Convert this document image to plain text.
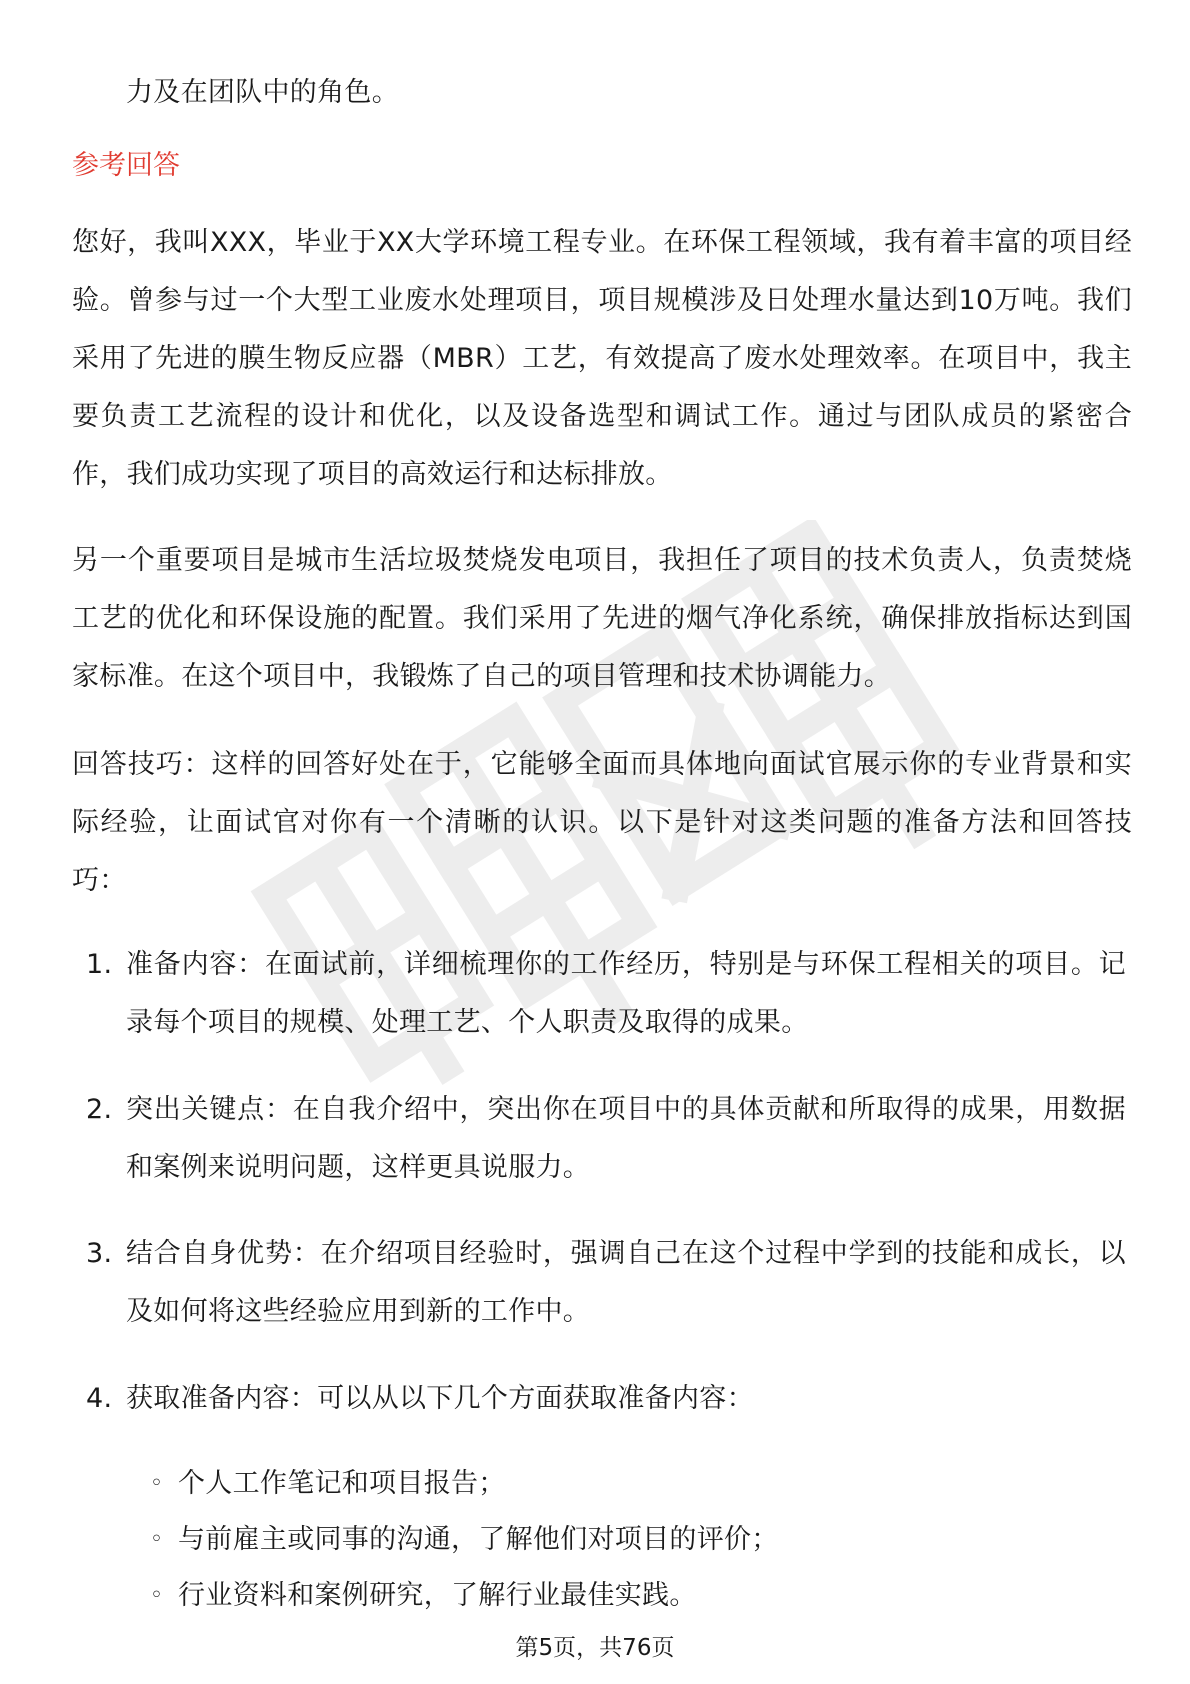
力及在团队中的角色。
参考回答

您好，我叫XXX，毕业于XX大学环境工程专业。在环保工程领域，我有着丰富的项目经验。曾参与过一个大型工业废水处理项目，项目规模涉及日处理水量达到10万吨。我们采用了先进的膜生物反应器（MBR）工艺，有效提高了废水处理效率。在项目中，我主要负责工艺流程的设计和优化，以及设备选型和调试工作。通过与团队成员的紧密合作，我们成功实现了项目的高效运行和达标排放。

另一个重要项目是城市生活垃圾焚烧发电项目，我担任了项目的技术负责人，负责焚烧工艺的优化和环保设施的配置。我们采用了先进的烟气净化系统，确保排放指标达到国家标准。在这个项目中，我锻炼了自己的项目管理和技术协调能力。

回答技巧：这样的回答好处在于，它能够全面而具体地向面试官展示你的专业背景和实际经验，让面试官对你有一个清晰的认识。以下是针对这类问题的准备方法和回答技巧：

1. 准备内容：在面试前，详细梳理你的工作经历，特别是与环保工程相关的项目。记录每个项目的规模、处理工艺、个人职责及取得的成果。
2. 突出关键点：在自我介绍中，突出你在项目中的具体贡献和所取得的成果，用数据和案例来说明问题，这样更具说服力。
3. 结合自身优势：在介绍项目经验时，强调自己在这个过程中学到的技能和成长，以及如何将这些经验应用到新的工作中。
4. 获取准备内容：可以从以下几个方面获取准备内容：
◦ 个人工作笔记和项目报告；
◦ 与前雇主或同事的沟通，了解他们对项目的评价；
◦ 行业资料和案例研究，了解行业最佳实践。
第5页，共76页
